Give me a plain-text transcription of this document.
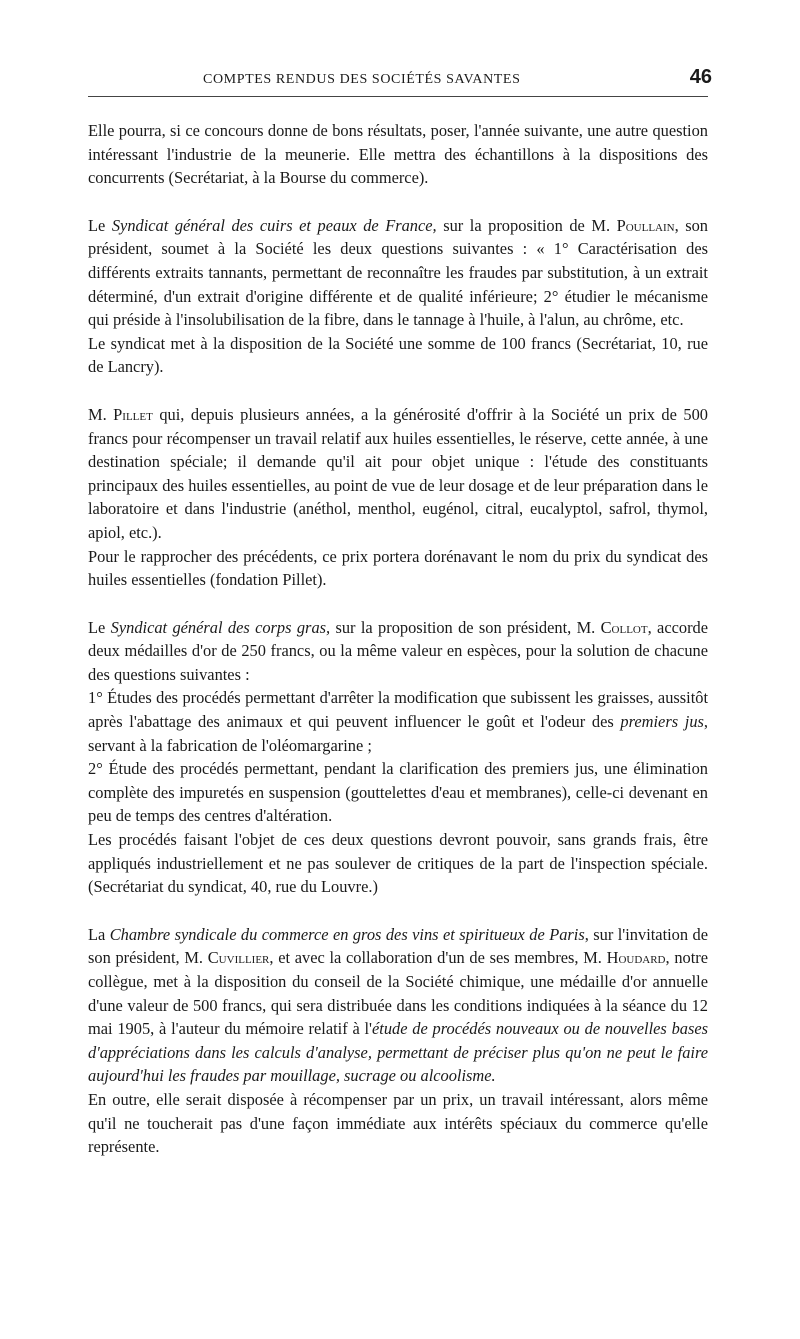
COMPTES RENDUS DES SOCIÉTÉS SAVANTES	46

Elle pourra, si ce concours donne de bons résultats, poser, l'année suivante, une autre question intéressant l'industrie de la meunerie. Elle mettra des échantillons à la dispositions des concurrents (Secrétariat, à la Bourse du commerce).

Le Syndicat général des cuirs et peaux de France, sur la proposition de M. Poullain, son président, soumet à la Société les deux questions suivantes : « 1° Caractérisation des différents extraits tannants, permettant de reconnaître les fraudes par substitution, à un extrait déterminé, d'un extrait d'origine différente et de qualité inférieure; 2° étudier le mécanisme qui préside à l'insolubilisation de la fibre, dans le tannage à l'huile, à l'alun, au chrôme, etc.

Le syndicat met à la disposition de la Société une somme de 100 francs (Secrétariat, 10, rue de Lancry).

M. Pillet qui, depuis plusieurs années, a la générosité d'offrir à la Société un prix de 500 francs pour récompenser un travail relatif aux huiles essentielles, le réserve, cette année, à une destination spéciale; il demande qu'il ait pour objet unique : l'étude des constituants principaux des huiles essentielles, au point de vue de leur dosage et de leur préparation dans le laboratoire et dans l'industrie (anéthol, menthol, eugénol, citral, eucalyptol, safrol, thymol, apiol, etc.).

Pour le rapprocher des précédents, ce prix portera dorénavant le nom du prix du syndicat des huiles essentielles (fondation Pillet).

Le Syndicat général des corps gras, sur la proposition de son président, M. Collot, accorde deux médailles d'or de 250 francs, ou la même valeur en espèces, pour la solution de chacune des questions suivantes :

1° Études des procédés permettant d'arrêter la modification que subissent les graisses, aussitôt après l'abattage des animaux et qui peuvent influencer le goût et l'odeur des premiers jus, servant à la fabrication de l'oléomargarine ;

2° Étude des procédés permettant, pendant la clarification des premiers jus, une élimination complète des impuretés en suspension (gouttelettes d'eau et membranes), celle-ci devenant en peu de temps des centres d'altération.

Les procédés faisant l'objet de ces deux questions devront pouvoir, sans grands frais, être appliqués industriellement et ne pas soulever de critiques de la part de l'inspection spéciale. (Secrétariat du syndicat, 40, rue du Louvre.)

La Chambre syndicale du commerce en gros des vins et spiritueux de Paris, sur l'invitation de son président, M. Cuvillier, et avec la collaboration d'un de ses membres, M. Houdard, notre collègue, met à la disposition du conseil de la Société chimique, une médaille d'or annuelle d'une valeur de 500 francs, qui sera distribuée dans les conditions indiquées à la séance du 12 mai 1905, à l'auteur du mémoire relatif à l'étude de procédés nouveaux ou de nouvelles bases d'appréciations dans les calculs d'analyse, permettant de préciser plus qu'on ne peut le faire aujourd'hui les fraudes par mouillage, sucrage ou alcoolisme.

En outre, elle serait disposée à récompenser par un prix, un travail intéressant, alors même qu'il ne toucherait pas d'une façon immédiate aux intérêts spéciaux du commerce qu'elle représente.
